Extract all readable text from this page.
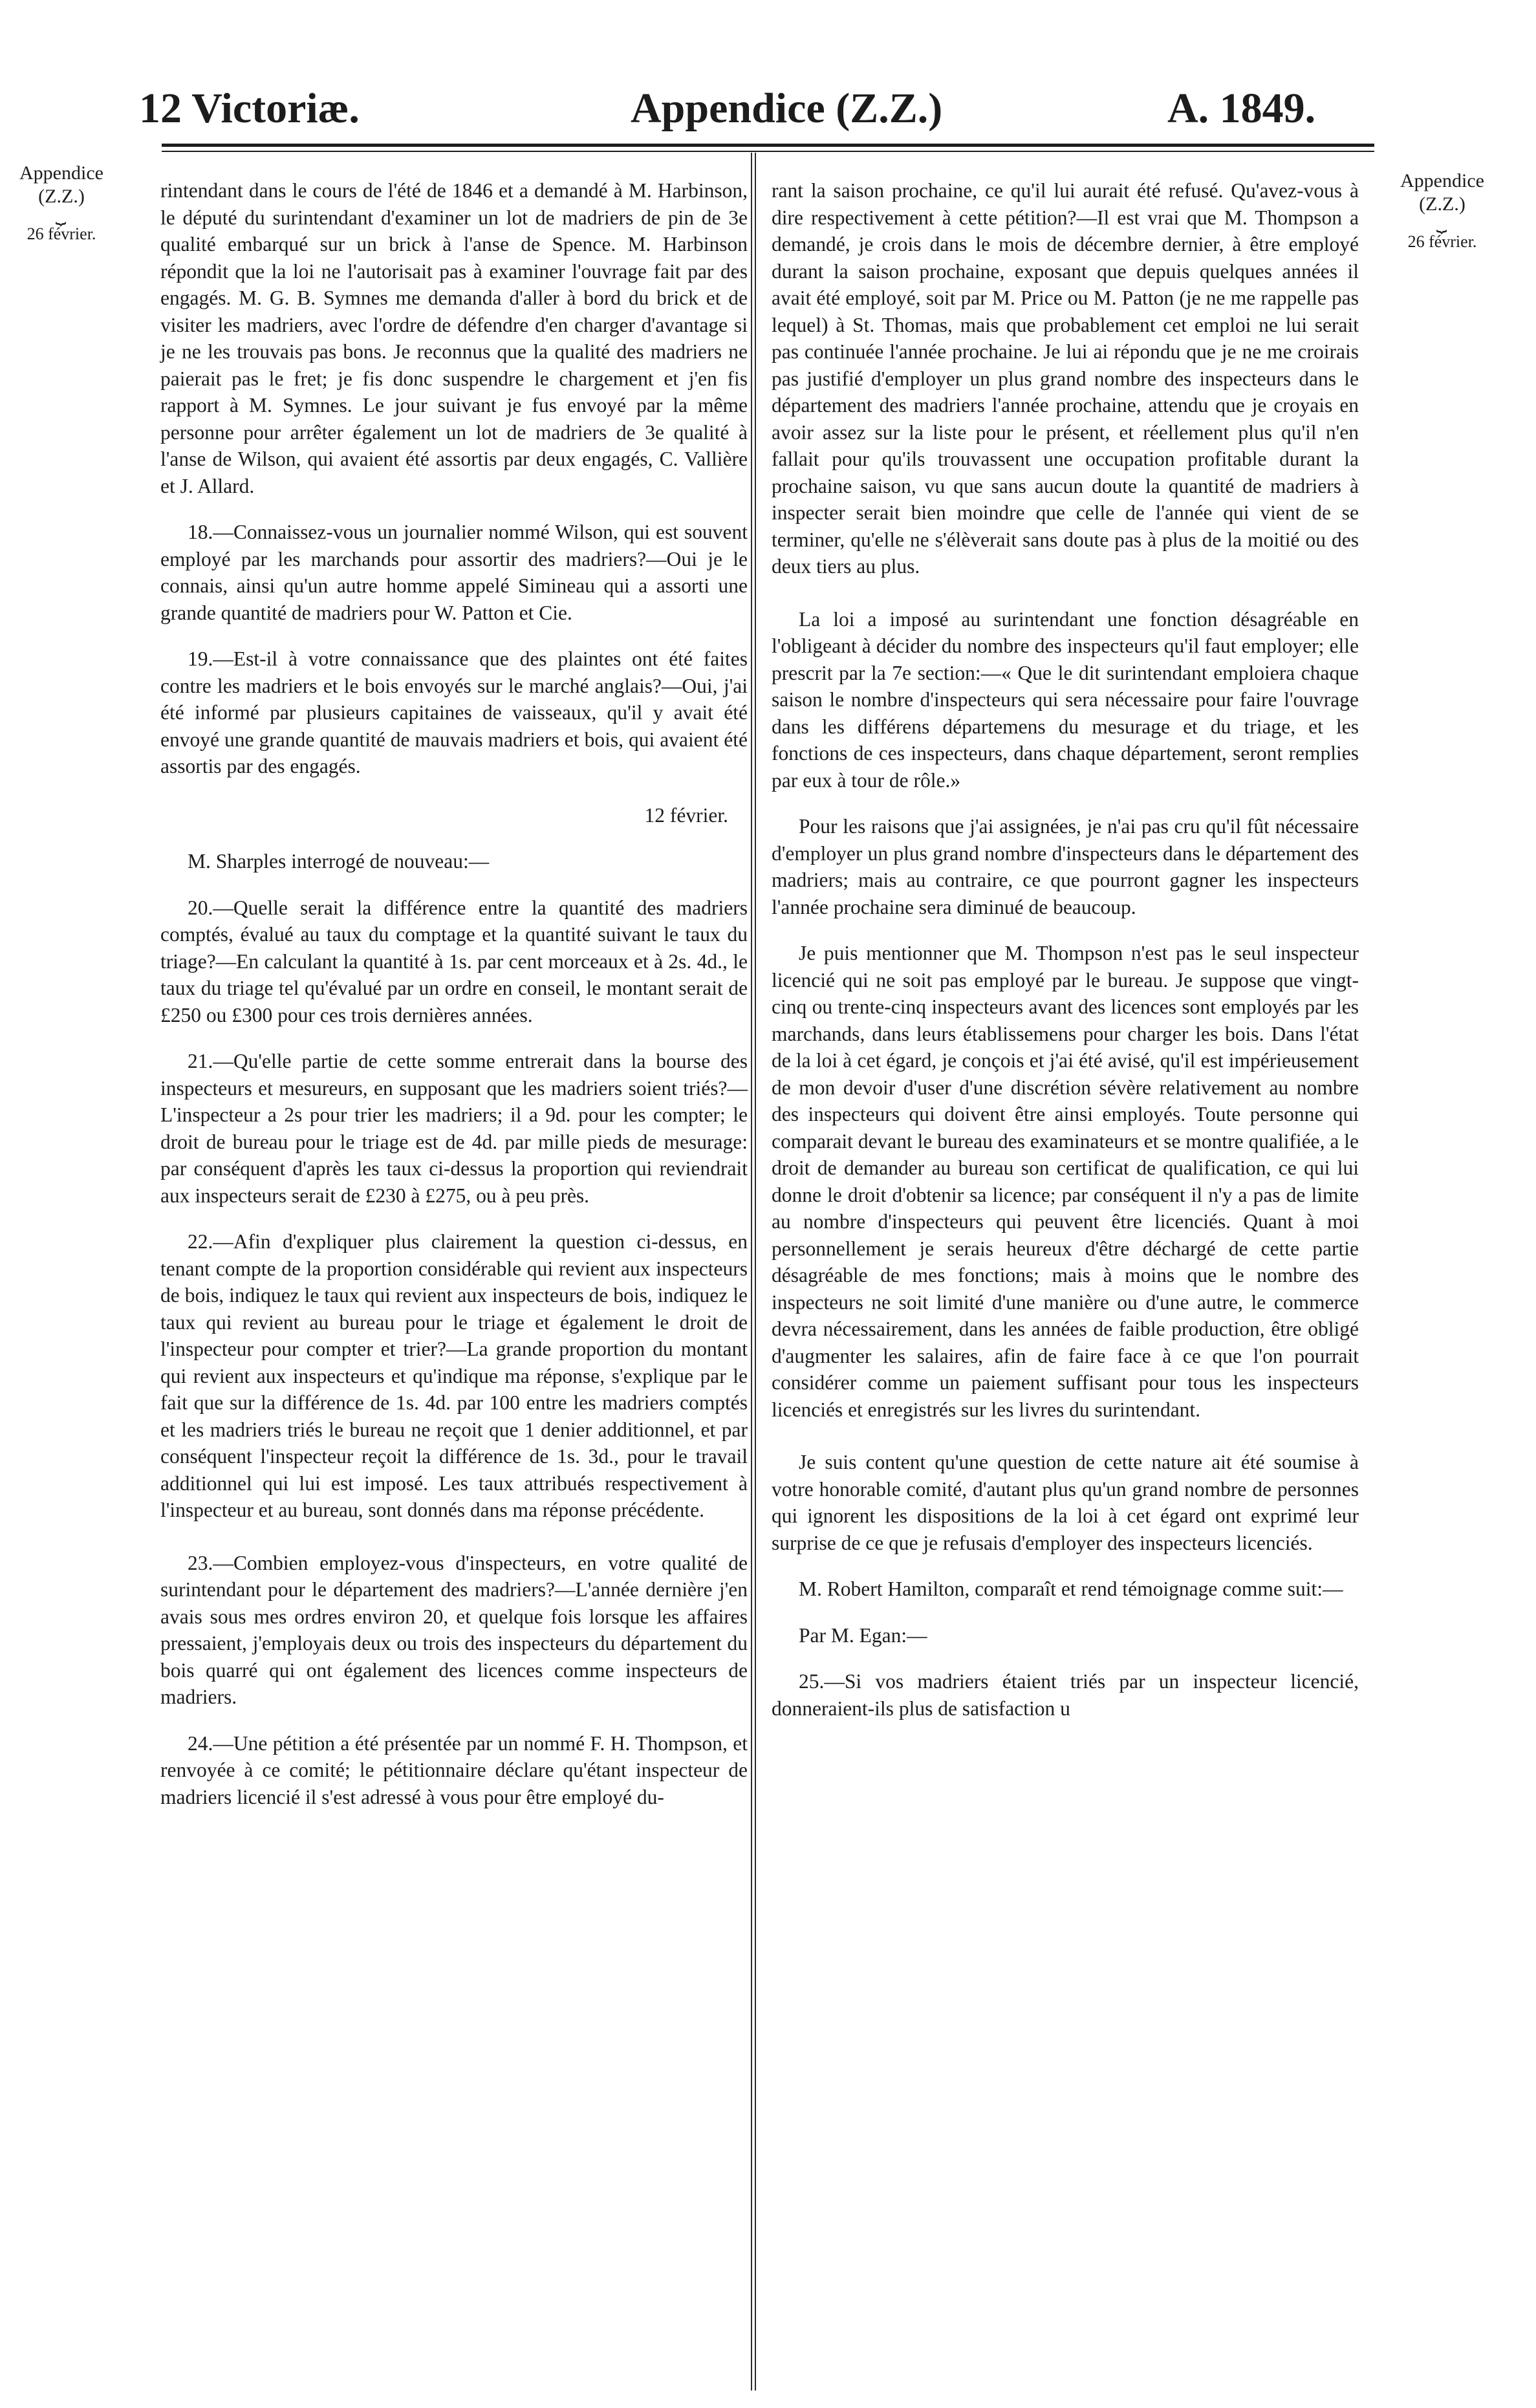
12 Victoriæ.	Appendice (Z.Z.)	A. 1849.
Appendice
(Z.Z.)
⏟
26 février.
Appendice
(Z.Z.)
⏟
26 février.

rintendant dans le cours de l'été de 1846 et a demandé à M. Harbinson, le député du surintendant d'examiner un lot de madriers de pin de 3e qualité embarqué sur un brick à l'anse de Spence. M. Harbinson répondit que la loi ne l'autorisait pas à examiner l'ouvrage fait par des engagés. M. G. B. Symnes me demanda d'aller à bord du brick et de visiter les madriers, avec l'ordre de défendre d'en charger d'avantage si je ne les trouvais pas bons. Je reconnus que la qualité des madriers ne paierait pas le fret; je fis donc suspendre le chargement et j'en fis rapport à M. Symnes. Le jour suivant je fus envoyé par la même personne pour arrêter également un lot de madriers de 3e qualité à l'anse de Wilson, qui avaient été assortis par deux engagés, C. Vallière et J. Allard.

18.—Connaissez-vous un journalier nommé Wilson, qui est souvent employé par les marchands pour assortir des madriers?—Oui je le connais, ainsi qu'un autre homme appelé Simineau qui a assorti une grande quantité de madriers pour W. Patton et Cie.

19.—Est-il à votre connaissance que des plaintes ont été faites contre les madriers et le bois envoyés sur le marché anglais?—Oui, j'ai été informé par plusieurs capitaines de vaisseaux, qu'il y avait été envoyé une grande quantité de mauvais madriers et bois, qui avaient été assortis par des engagés.

12 février.

M. Sharples interrogé de nouveau:—

20.—Quelle serait la différence entre la quantité des madriers comptés, évalué au taux du comptage et la quantité suivant le taux du triage?—En calculant la quantité à 1s. par cent morceaux et à 2s. 4d., le taux du triage tel qu'évalué par un ordre en conseil, le montant serait de £250 ou £300 pour ces trois dernières années.

21.—Qu'elle partie de cette somme entrerait dans la bourse des inspecteurs et mesureurs, en supposant que les madriers soient triés?—L'inspecteur a 2s pour trier les madriers; il a 9d. pour les compter; le droit de bureau pour le triage est de 4d. par mille pieds de mesurage: par conséquent d'après les taux ci-dessus la proportion qui reviendrait aux inspecteurs serait de £230 à £275, ou à peu près.

22.—Afin d'expliquer plus clairement la question ci-dessus, en tenant compte de la proportion considérable qui revient aux inspecteurs de bois, indiquez le taux qui revient aux inspecteurs de bois, indiquez le taux qui revient au bureau pour le triage et également le droit de l'inspecteur pour compter et trier?—La grande proportion du montant qui revient aux inspecteurs et qu'indique ma réponse, s'explique par le fait que sur la différence de 1s. 4d. par 100 entre les madriers comptés et les madriers triés le bureau ne reçoit que 1 denier additionnel, et par conséquent l'inspecteur reçoit la différence de 1s. 3d., pour le travail additionnel qui lui est imposé. Les taux attribués respectivement à l'inspecteur et au bureau, sont donnés dans ma réponse précédente.

23.—Combien employez-vous d'inspecteurs, en votre qualité de surintendant pour le département des madriers?—L'année dernière j'en avais sous mes ordres environ 20, et quelque fois lorsque les affaires pressaient, j'employais deux ou trois des inspecteurs du département du bois quarré qui ont également des licences comme inspecteurs de madriers.

24.—Une pétition a été présentée par un nommé F. H. Thompson, et renvoyée à ce comité; le pétitionnaire déclare qu'étant inspecteur de madriers licencié il s'est adressé à vous pour être employé du-

rant la saison prochaine, ce qu'il lui aurait été refusé. Qu'avez-vous à dire respectivement à cette pétition?—Il est vrai que M. Thompson a demandé, je crois dans le mois de décembre dernier, à être employé durant la saison prochaine, exposant que depuis quelques années il avait été employé, soit par M. Price ou M. Patton (je ne me rappelle pas lequel) à St. Thomas, mais que probablement cet emploi ne lui serait pas continuée l'année prochaine. Je lui ai répondu que je ne me croirais pas justifié d'employer un plus grand nombre des inspecteurs dans le département des madriers l'année prochaine, attendu que je croyais en avoir assez sur la liste pour le présent, et réellement plus qu'il n'en fallait pour qu'ils trouvassent une occupation profitable durant la prochaine saison, vu que sans aucun doute la quantité de madriers à inspecter serait bien moindre que celle de l'année qui vient de se terminer, qu'elle ne s'élèverait sans doute pas à plus de la moitié ou des deux tiers au plus.

La loi a imposé au surintendant une fonction désagréable en l'obligeant à décider du nombre des inspecteurs qu'il faut employer; elle prescrit par la 7e section:—« Que le dit surintendant emploiera chaque saison le nombre d'inspecteurs qui sera nécessaire pour faire l'ouvrage dans les différens départemens du mesurage et du triage, et les fonctions de ces inspecteurs, dans chaque département, seront remplies par eux à tour de rôle.»

Pour les raisons que j'ai assignées, je n'ai pas cru qu'il fût nécessaire d'employer un plus grand nombre d'inspecteurs dans le département des madriers; mais au contraire, ce que pourront gagner les inspecteurs l'année prochaine sera diminué de beaucoup.

Je puis mentionner que M. Thompson n'est pas le seul inspecteur licencié qui ne soit pas employé par le bureau. Je suppose que vingt-cinq ou trente-cinq inspecteurs avant des licences sont employés par les marchands, dans leurs établissemens pour charger les bois. Dans l'état de la loi à cet égard, je conçois et j'ai été avisé, qu'il est impérieusement de mon devoir d'user d'une discrétion sévère relativement au nombre des inspecteurs qui doivent être ainsi employés. Toute personne qui comparait devant le bureau des examinateurs et se montre qualifiée, a le droit de demander au bureau son certificat de qualification, ce qui lui donne le droit d'obtenir sa licence; par conséquent il n'y a pas de limite au nombre d'inspecteurs qui peuvent être licenciés. Quant à moi personnellement je serais heureux d'être déchargé de cette partie désagréable de mes fonctions; mais à moins que le nombre des inspecteurs ne soit limité d'une manière ou d'une autre, le commerce devra nécessairement, dans les années de faible production, être obligé d'augmenter les salaires, afin de faire face à ce que l'on pourrait considérer comme un paiement suffisant pour tous les inspecteurs licenciés et enregistrés sur les livres du surintendant.

Je suis content qu'une question de cette nature ait été soumise à votre honorable comité, d'autant plus qu'un grand nombre de personnes qui ignorent les dispositions de la loi à cet égard ont exprimé leur surprise de ce que je refusais d'employer des inspecteurs licenciés.

M. Robert Hamilton, comparaît et rend témoignage comme suit:—

Par M. Egan:—

25.—Si vos madriers étaient triés par un inspecteur licencié, donneraient-ils plus de satisfaction u
